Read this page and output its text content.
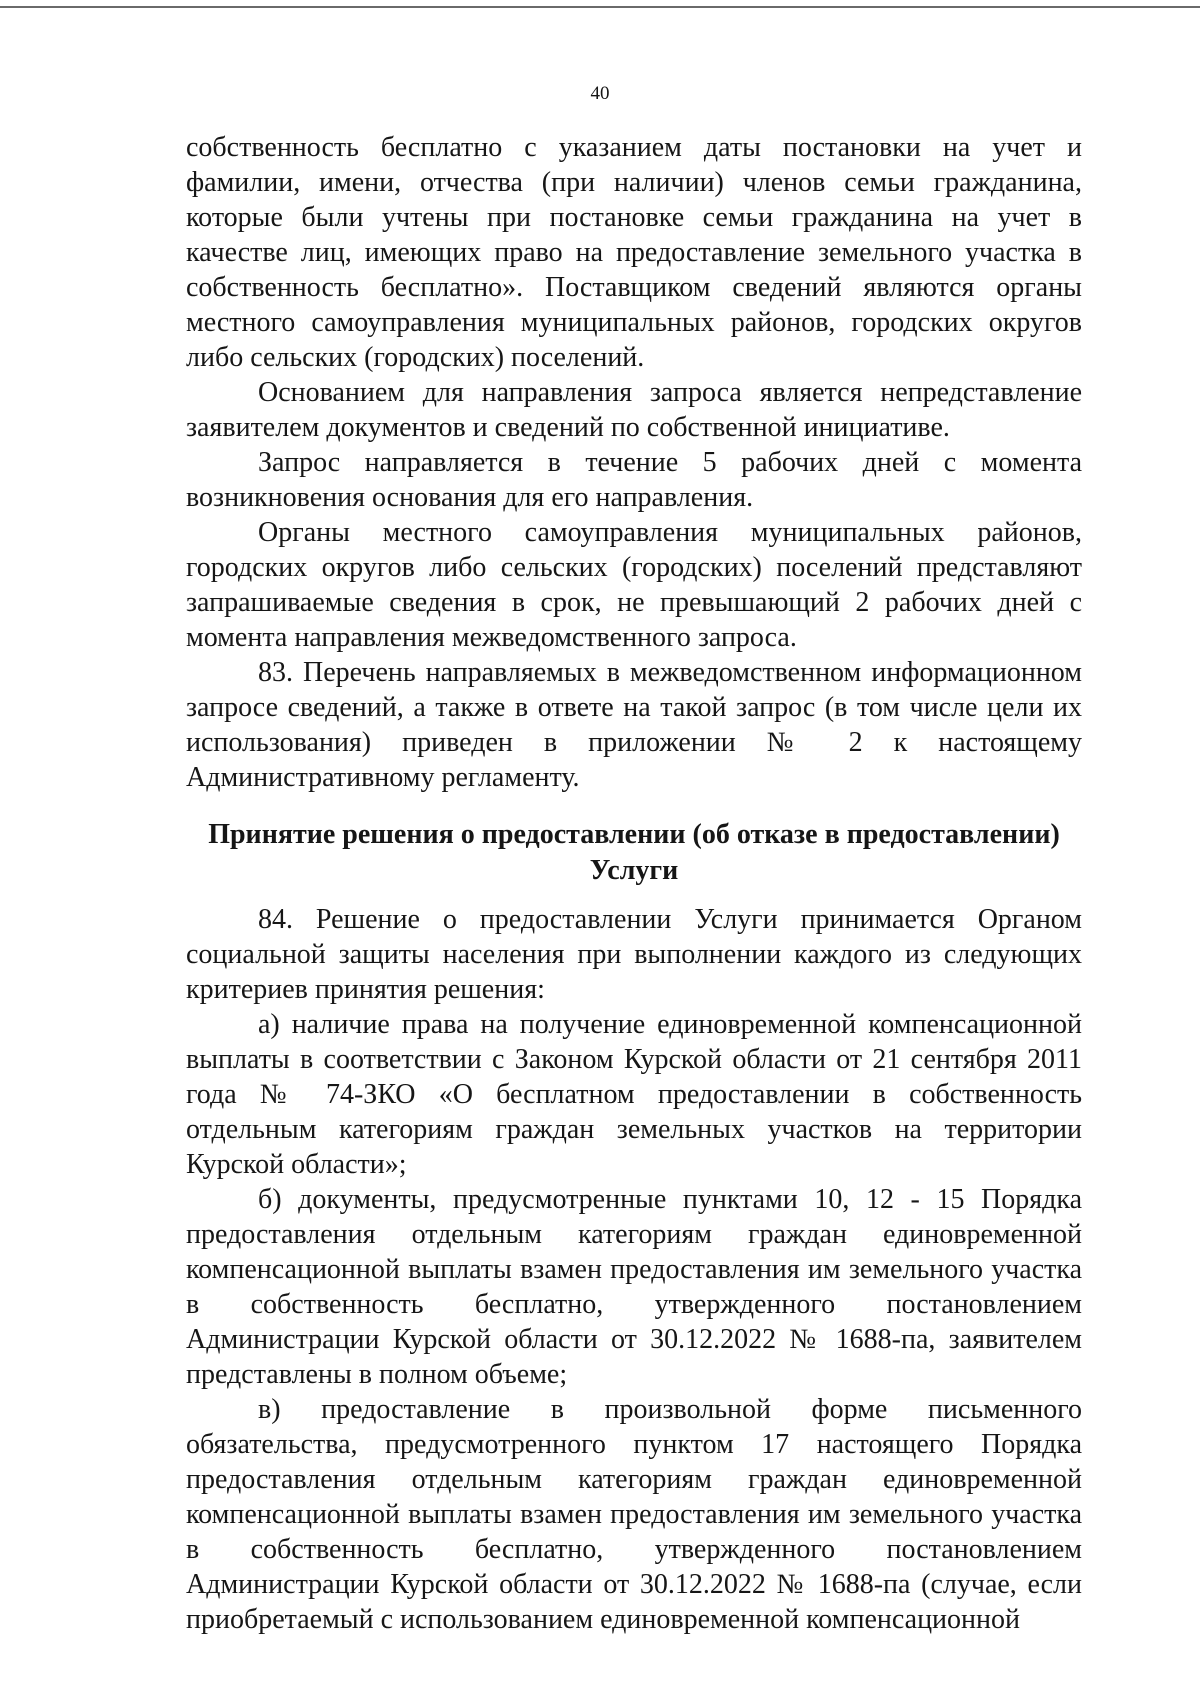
40

собственность бесплатно с указанием даты постановки на учет и фамилии, имени, отчества (при наличии) членов семьи гражданина, которые были учтены при постановке семьи гражданина на учет в качестве лиц, имеющих право на предоставление земельного участка в собственность бесплатно». Поставщиком сведений являются органы местного самоуправления муниципальных районов, городских округов либо сельских (городских) поселений.

Основанием для направления запроса является непредставление заявителем документов и сведений по собственной инициативе.

Запрос направляется в течение 5 рабочих дней с момента возникновения основания для его направления.

Органы местного самоуправления муниципальных районов, городских округов либо сельских (городских) поселений представляют запрашиваемые сведения в срок, не превышающий 2 рабочих дней с момента направления межведомственного запроса.

83. Перечень направляемых в межведомственном информационном запросе сведений, а также в ответе на такой запрос (в том числе цели их использования) приведен в приложении № 2 к настоящему Административному регламенту.

Принятие решения о предоставлении (об отказе в предоставлении)

Услуги

84. Решение о предоставлении Услуги принимается Органом социальной защиты населения при выполнении каждого из следующих критериев принятия решения:

а) наличие права на получение единовременной компенсационной выплаты в соответствии с Законом Курской области от 21 сентября 2011 года № 74-ЗКО «О бесплатном предоставлении в собственность отдельным категориям граждан земельных участков на территории Курской области»;

б) документы, предусмотренные пунктами 10, 12 - 15 Порядка предоставления отдельным категориям граждан единовременной компенсационной выплаты взамен предоставления им земельного участка в собственность бесплатно, утвержденного постановлением Администрации Курской области от 30.12.2022 № 1688-па, заявителем представлены в полном объеме;

в) предоставление в произвольной форме письменного обязательства, предусмотренного пунктом 17 настоящего Порядка предоставления отдельным категориям граждан единовременной компенсационной выплаты взамен предоставления им земельного участка в собственность бесплатно, утвержденного постановлением Администрации Курской области от 30.12.2022 № 1688-па (случае, если приобретаемый с использованием единовременной компенсационной
